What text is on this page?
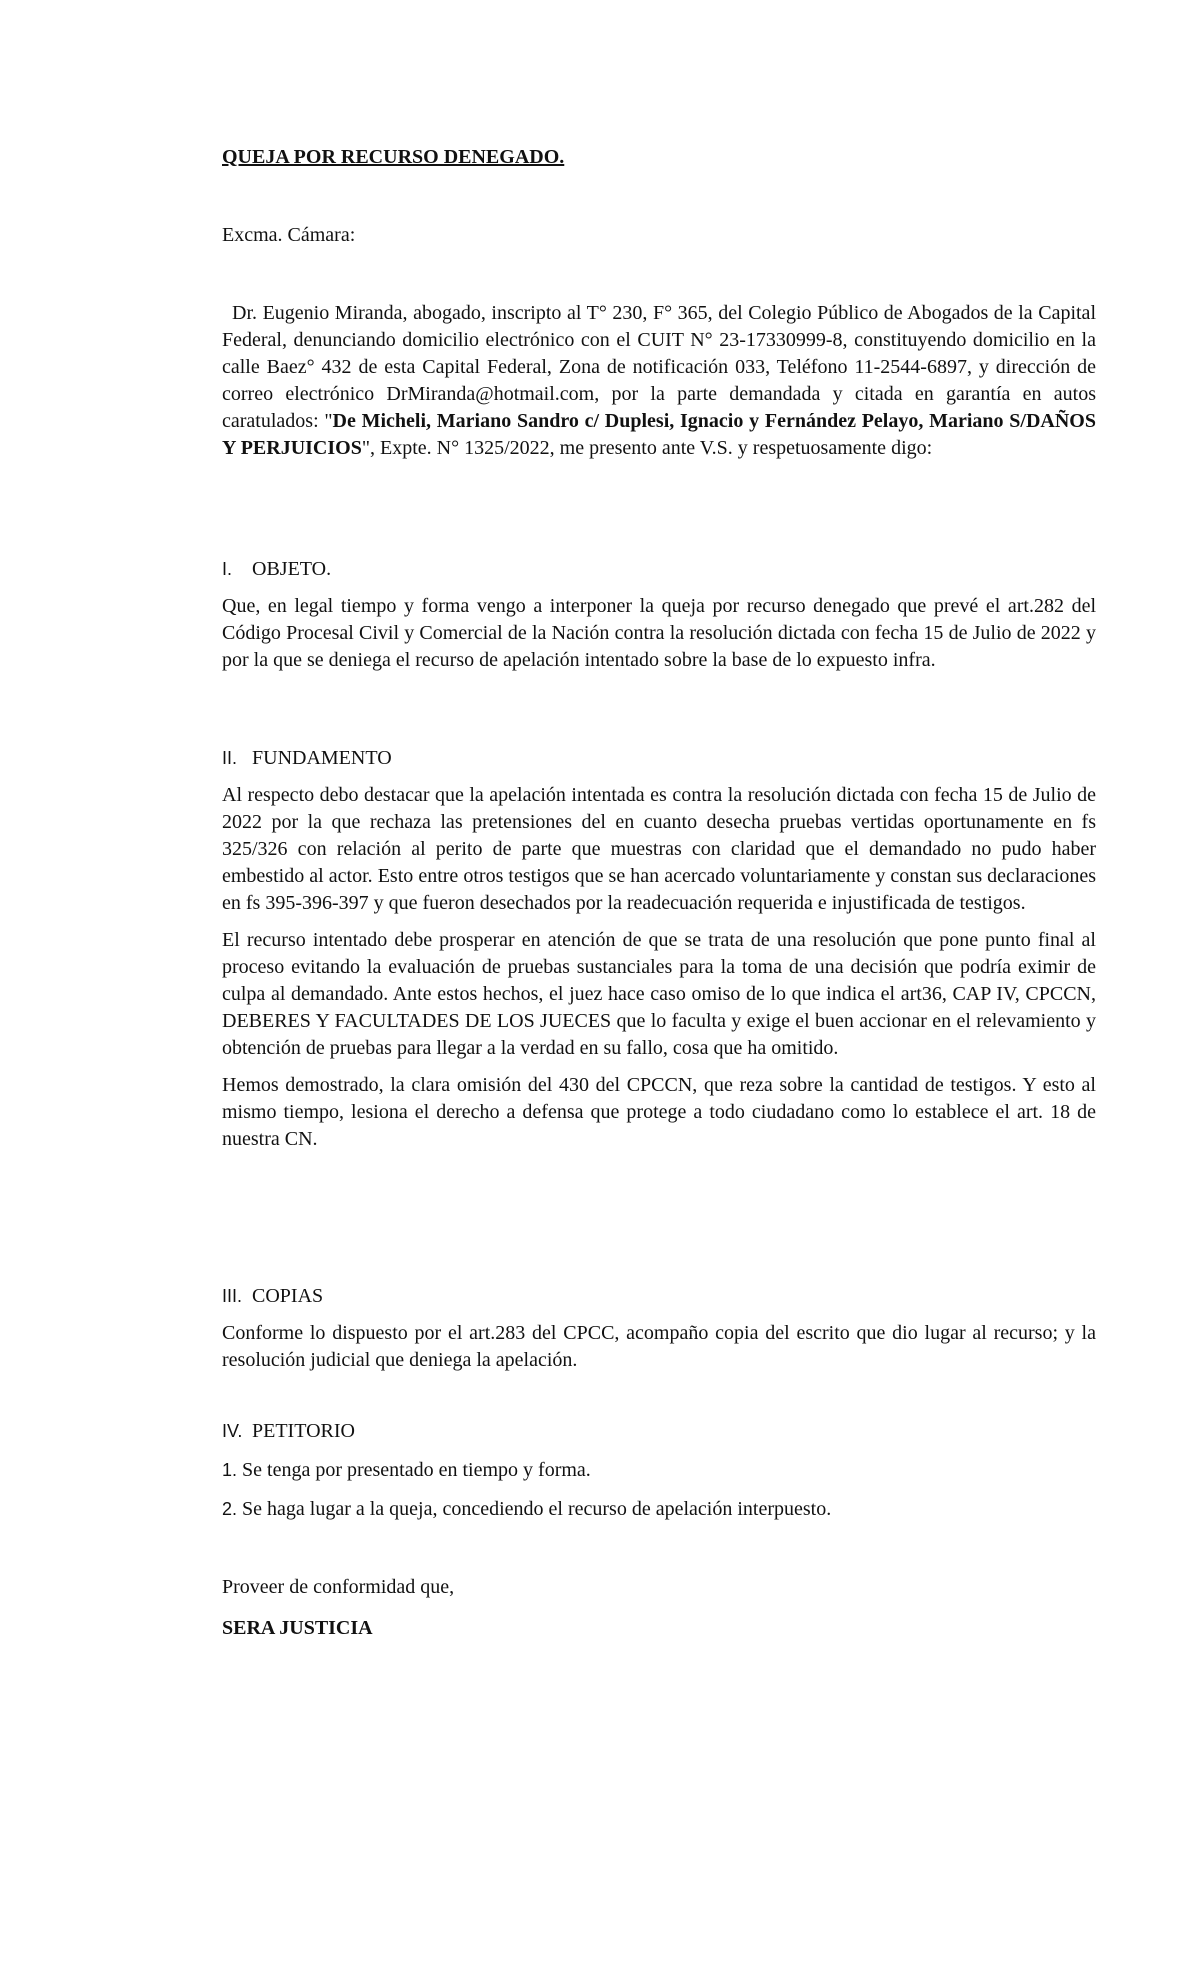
QUEJA POR RECURSO DENEGADO.

Excma. Cámara:

Dr. Eugenio Miranda, abogado, inscripto al T° 230, F° 365, del Colegio Público de Abogados de la Capital Federal, denunciando domicilio electrónico con el CUIT N° 23-17330999-8, constituyendo domicilio en la calle Baez° 432 de esta Capital Federal, Zona de notificación 033, Teléfono 11-2544-6897, y dirección de correo electrónico DrMiranda@hotmail.com, por la parte demandada y citada en garantía en autos caratulados: "De Micheli, Mariano Sandro c/ Duplesi, Ignacio y Fernández Pelayo, Mariano S/DAÑOS Y PERJUICIOS", Expte. N° 1325/2022, me presento ante V.S. y respetuosamente digo:

I. OBJETO.

Que, en legal tiempo y forma vengo a interponer la queja por recurso denegado que prevé el art.282 del Código Procesal Civil y Comercial de la Nación contra la resolución dictada con fecha 15 de Julio de 2022 y por la que se deniega el recurso de apelación intentado sobre la base de lo expuesto infra.

II. FUNDAMENTO

Al respecto debo destacar que la apelación intentada es contra la resolución dictada con fecha 15 de Julio de 2022 por la que rechaza las pretensiones del en cuanto desecha pruebas vertidas oportunamente en fs 325/326 con relación al perito de parte que muestras con claridad que el demandado no pudo haber embestido al actor. Esto entre otros testigos que se han acercado voluntariamente y constan sus declaraciones en fs 395-396-397 y que fueron desechados por la readecuación requerida e injustificada de testigos.

El recurso intentado debe prosperar en atención de que se trata de una resolución que pone punto final al proceso evitando la evaluación de pruebas sustanciales para la toma de una decisión que podría eximir de culpa al demandado. Ante estos hechos, el juez hace caso omiso de lo que indica el art36, CAP IV, CPCCN, DEBERES Y FACULTADES DE LOS JUECES que lo faculta y exige el buen accionar en el relevamiento y obtención de pruebas para llegar a la verdad en su fallo, cosa que ha omitido.

Hemos demostrado, la clara omisión del 430 del CPCCN, que reza sobre la cantidad de testigos. Y esto al mismo tiempo, lesiona el derecho a defensa que protege a todo ciudadano como lo establece el art. 18 de nuestra CN.

III. COPIAS

Conforme lo dispuesto por el art.283 del CPCC, acompaño copia del escrito que dio lugar al recurso; y la resolución judicial que deniega la apelación.

IV. PETITORIO

1. Se tenga por presentado en tiempo y forma.

2. Se haga lugar a la queja, concediendo el recurso de apelación interpuesto.

Proveer de conformidad que,

SERA JUSTICIA
